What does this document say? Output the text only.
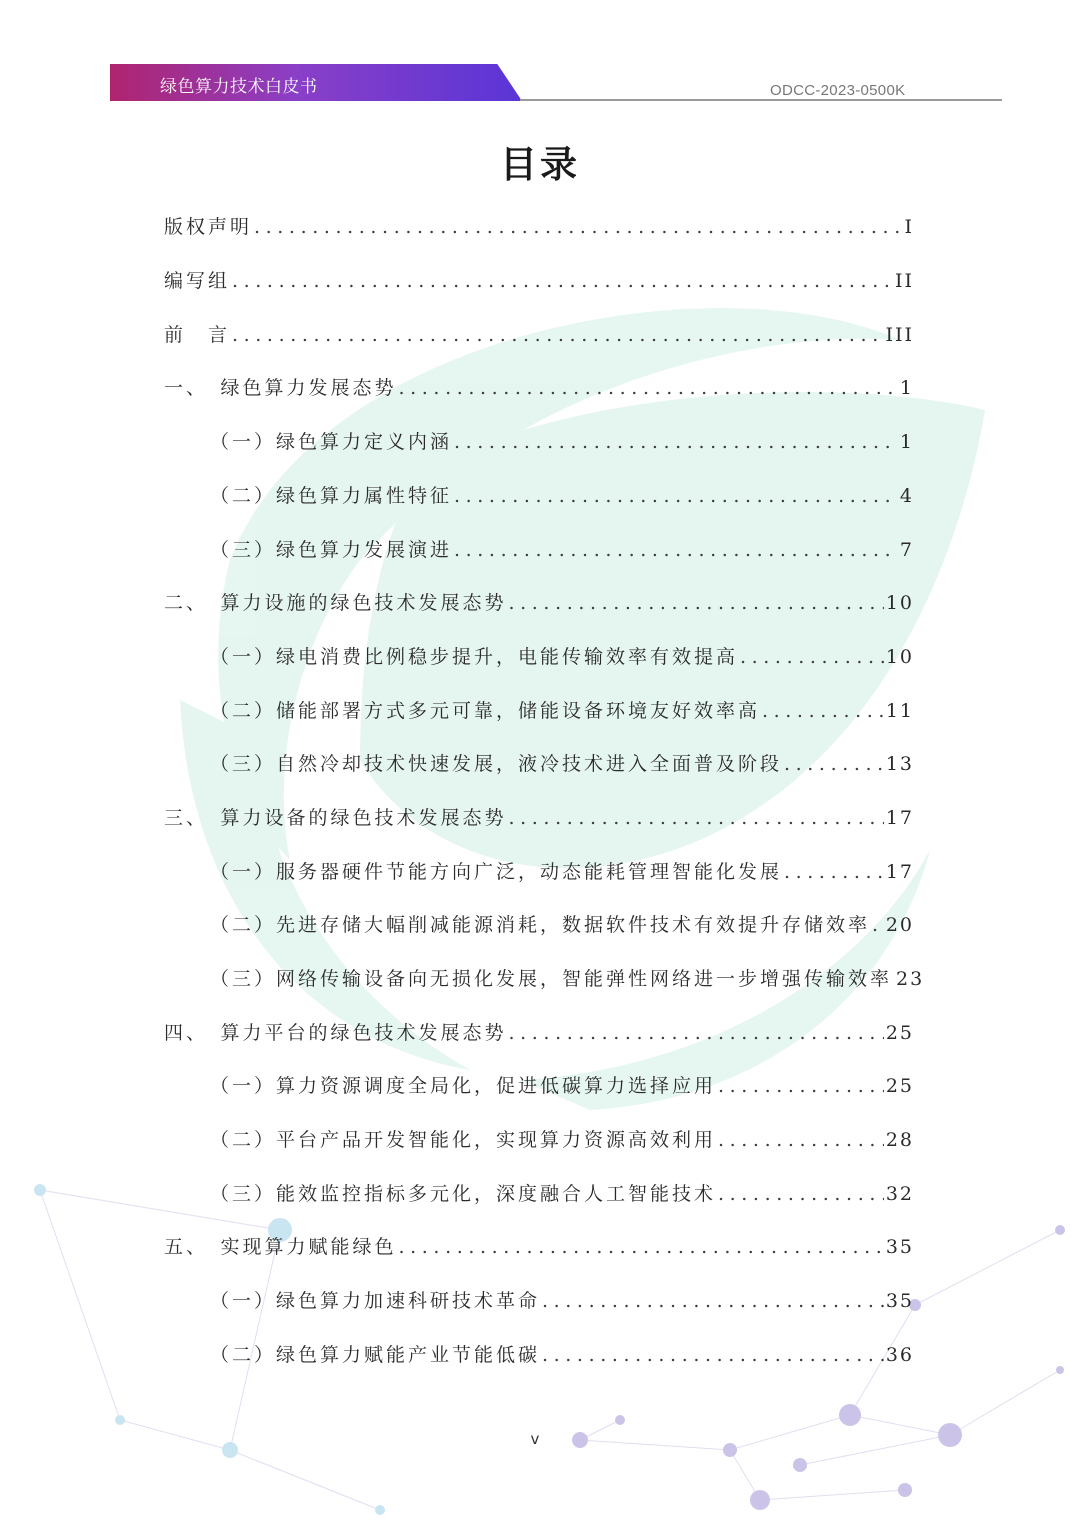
绿色算力技术白皮书	ODCC-2023-0500K
目录
版权声明 .....	I
编写组 .....	II
前　言 .....	III
一、　绿色算力发展态势 .....	1
（一）绿色算力定义内涵 .....	1
（二）绿色算力属性特征 .....	4
（三）绿色算力发展演进 .....	7
二、　算力设施的绿色技术发展态势 .....	10
（一）绿电消费比例稳步提升，电能传输效率有效提高 .....	10
（二）储能部署方式多元可靠，储能设备环境友好效率高 .....	11
（三）自然冷却技术快速发展，液冷技术进入全面普及阶段 .....	13
三、　算力设备的绿色技术发展态势 .....	17
（一）服务器硬件节能方向广泛，动态能耗管理智能化发展 .....	17
（二）先进存储大幅削减能源消耗，数据软件技术有效提升存储效率 ..... 20
（三）网络传输设备向无损化发展，智能弹性网络进一步增强传输效率 23
四、　算力平台的绿色技术发展态势 .....	25
（一）算力资源调度全局化，促进低碳算力选择应用 .....	25
（二）平台产品开发智能化，实现算力资源高效利用 .....	28
（三）能效监控指标多元化，深度融合人工智能技术 .....	32
五、　实现算力赋能绿色 .....	35
（一）绿色算力加速科研技术革命 .....	35
（二）绿色算力赋能产业节能低碳 .....	36
v
